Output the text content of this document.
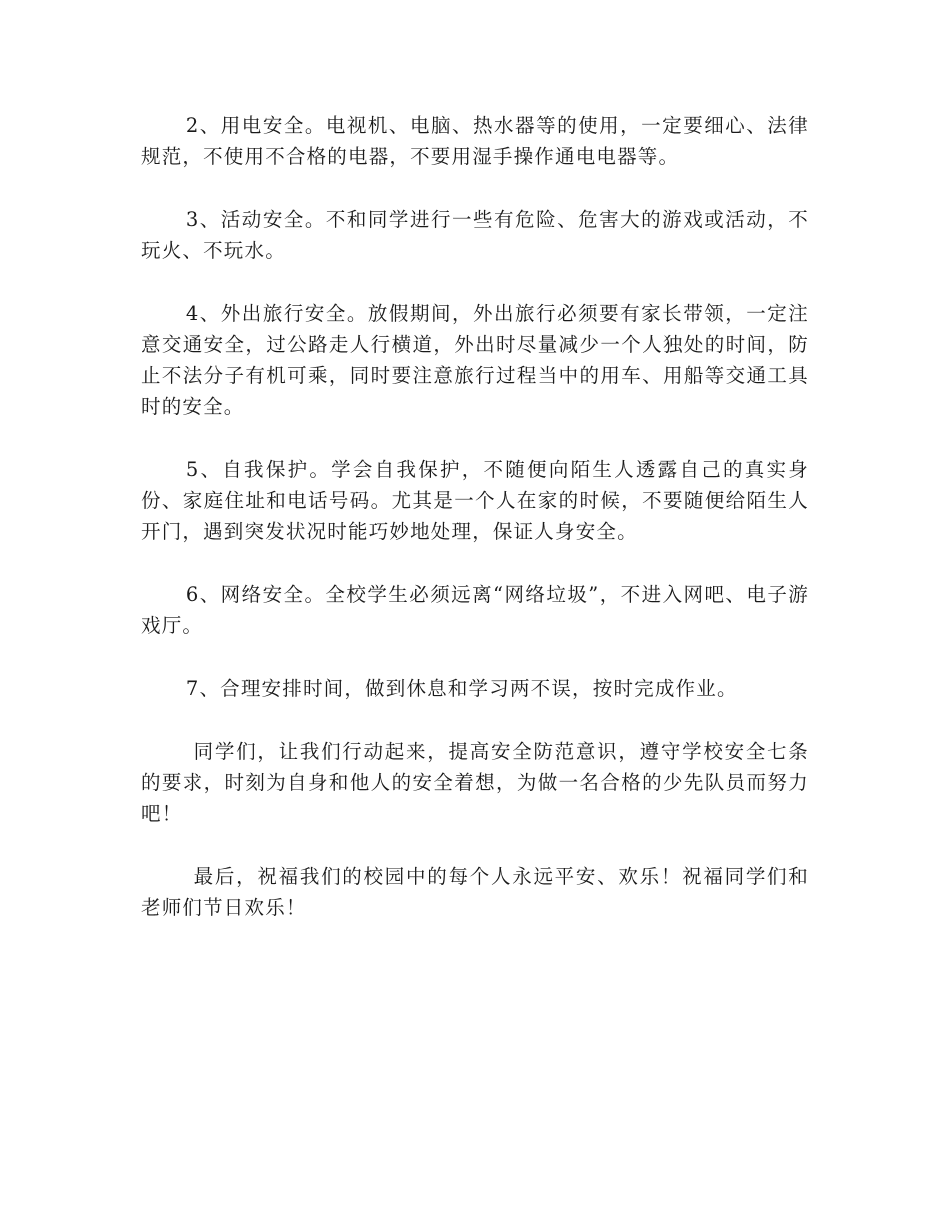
2、用电安全。电视机、电脑、热水器等的使用，一定要细心、法律规范，不使用不合格的电器，不要用湿手操作通电电器等。

3、活动安全。不和同学进行一些有危险、危害大的游戏或活动，不玩火、不玩水。

4、外出旅行安全。放假期间，外出旅行必须要有家长带领，一定注意交通安全，过公路走人行横道，外出时尽量减少一个人独处的时间，防止不法分子有机可乘，同时要注意旅行过程当中的用车、用船等交通工具时的安全。

5、自我保护。学会自我保护，不随便向陌生人透露自己的真实身份、家庭住址和电话号码。尤其是一个人在家的时候，不要随便给陌生人开门，遇到突发状况时能巧妙地处理，保证人身安全。

6、网络安全。全校学生必须远离“网络垃圾”，不进入网吧、电子游戏厅。

7、合理安排时间，做到休息和学习两不误，按时完成作业。

同学们，让我们行动起来，提高安全防范意识，遵守学校安全七条的要求，时刻为自身和他人的安全着想，为做一名合格的少先队员而努力吧！

最后，祝福我们的校园中的每个人永远平安、欢乐！祝福同学们和老师们节日欢乐！
